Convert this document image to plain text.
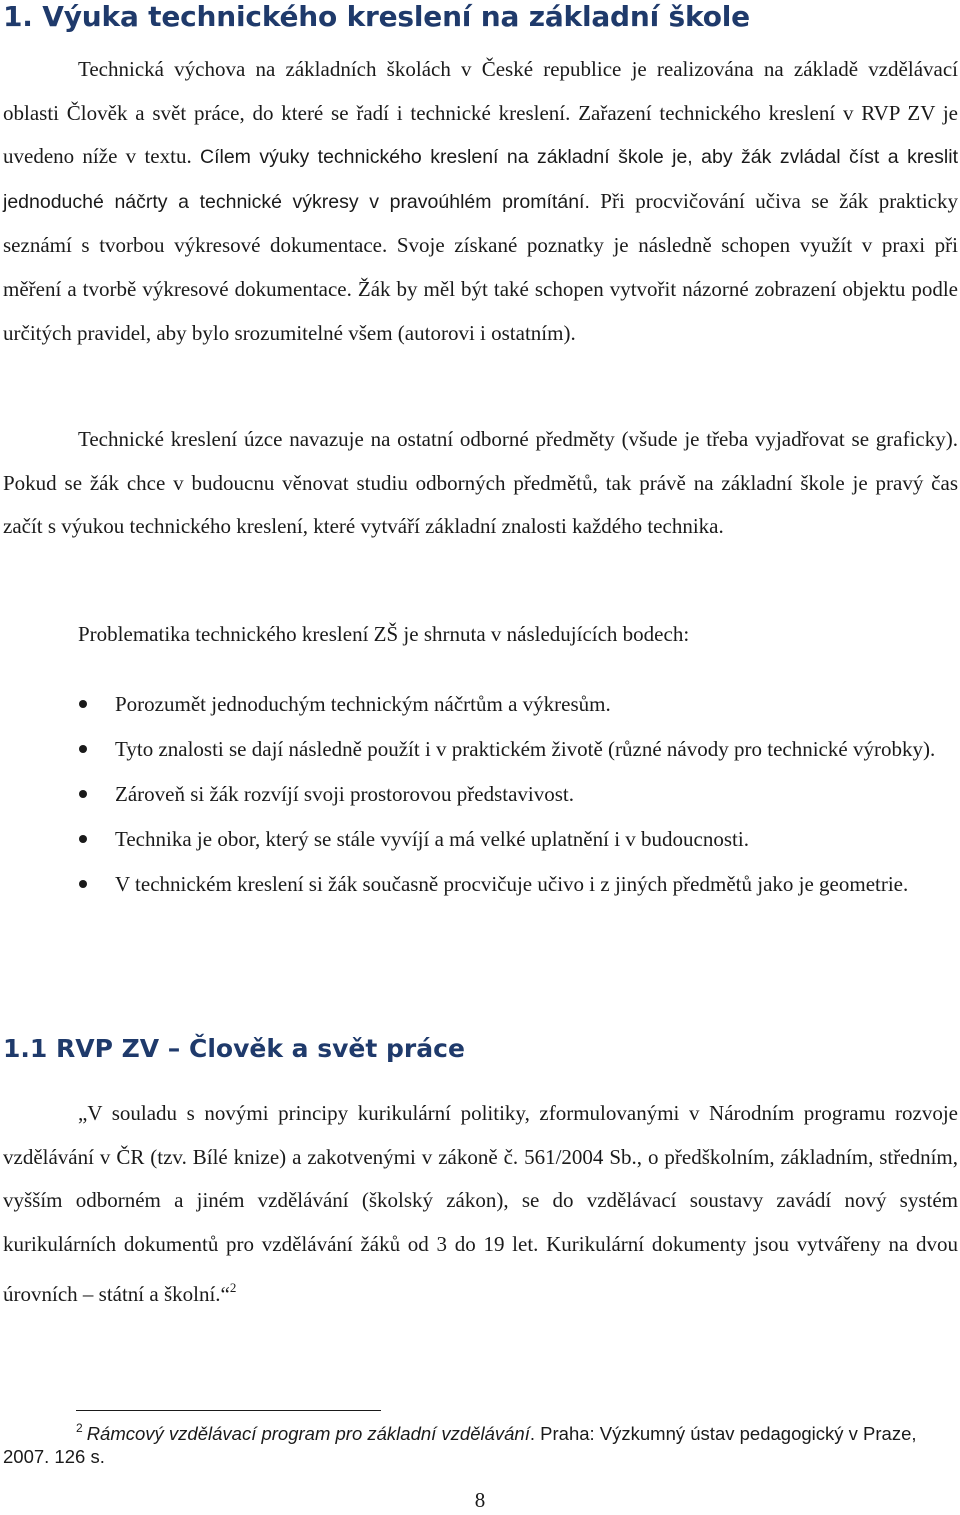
1. Výuka technického kreslení na základní škole

Technická výchova na základních školách v České republice je realizována na základě vzdělávací oblasti Člověk a svět práce, do které se řadí i technické kreslení. Zařazení technického kreslení v RVP ZV je uvedeno níže v textu. Cílem výuky technického kreslení na základní škole je, aby žák zvládal číst a kreslit jednoduché náčrty a technické výkresy v pravoúhlém promítání. Při procvičování učiva se žák prakticky seznámí s tvorbou výkresové dokumentace. Svoje získané poznatky je následně schopen využít v praxi při měření a tvorbě výkresové dokumentace. Žák by měl být také schopen vytvořit názorné zobrazení objektu podle určitých pravidel, aby bylo srozumitelné všem (autorovi i ostatním).

Technické kreslení úzce navazuje na ostatní odborné předměty (všude je třeba vyjadřovat se graficky). Pokud se žák chce v budoucnu věnovat studiu odborných předmětů, tak právě na základní škole je pravý čas začít s výukou technického kreslení, které vytváří základní znalosti každého technika.

Problematika technického kreslení ZŠ je shrnuta v následujících bodech:

Porozumět jednoduchým technickým náčrtům a výkresům.
Tyto znalosti se dají následně použít i v praktickém životě (různé návody pro technické výrobky).
Zároveň si žák rozvíjí svoji prostorovou představivost.
Technika je obor, který se stále vyvíjí a má velké uplatnění i v budoucnosti.
V technickém kreslení si žák současně procvičuje učivo i z jiných předmětů jako je geometrie.
1.1 RVP ZV – Člověk a svět práce

„V souladu s novými principy kurikulární politiky, zformulovanými v Národním programu rozvoje vzdělávání v ČR (tzv. Bílé knize) a zakotvenými v zákoně č. 561/2004 Sb., o předškolním, základním, středním, vyšším odborném a jiném vzdělávání (školský zákon), se do vzdělávací soustavy zavádí nový systém kurikulárních dokumentů pro vzdělávání žáků od 3 do 19 let. Kurikulární dokumenty jsou vytvářeny na dvou úrovních – státní a školní.“$^2$

$^2$ Rámcový vzdělávací program pro základní vzdělávání. Praha: Výzkumný ústav pedagogický v Praze, 2007. 126 s.

8
